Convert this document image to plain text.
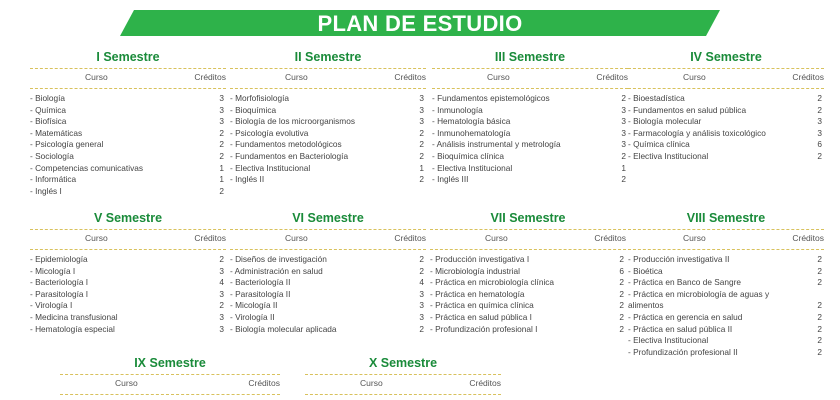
PLAN DE ESTUDIO
I Semestre
Curso	Créditos
- Biología	3
- Química	3
- Biofísica	3
- Matemáticas	2
- Psicología general	2
- Sociología	2
- Competencias comunicativas	1
- Informática	1
- Inglés I	2
II Semestre
Curso	Créditos
- Morfofisiología	3
- Bioquímica	3
- Biología de los microorganismos	3
- Psicología evolutiva	2
- Fundamentos metodológicos	2
- Fundamentos en Bacteriología	2
- Electiva Institucional	1
- Inglés II	2
III Semestre
Curso	Créditos
- Fundamentos epistemológicos	2
- Inmunología	3
- Hematología básica	3
- Inmunohematología	3
- Análisis instrumental y metrología	3
- Bioquímica clínica	2
- Electiva Institucional	1
- Inglés III	2
IV Semestre
Curso	Créditos
- Bioestadística	2
- Fundamentos en salud pública	2
- Biología molecular	3
- Farmacología y análisis toxicológico	3
- Química clínica	6
- Electiva Institucional	2
V Semestre
Curso	Créditos
- Epidemiología	2
- Micología I	3
- Bacteriología I	4
- Parasitología I	3
- Virología I	2
- Medicina transfusional	3
- Hematología especial	3
VI Semestre
Curso	Créditos
- Diseños de investigación	2
- Administración en salud	2
- Bacteriología II	4
- Parasitología II	3
- Micología II	3
- Virología II	3
- Biología molecular aplicada	2
VII Semestre
Curso	Créditos
- Producción investigativa I	2
- Microbiología industrial	6
- Práctica en microbiología clínica	2
- Práctica en hematología	2
- Práctica en química clínica	2
- Práctica en salud pública I	2
- Profundización profesional I	2
VIII Semestre
Curso	Créditos
- Producción investigativa II	2
- Bioética	2
- Práctica en Banco de Sangre	2
- Práctica en microbiología de aguas y alimentos	2
- Práctica en gerencia en salud	2
- Práctica en salud pública II	2
- Electiva Institucional	2
- Profundización profesional II	2
IX Semestre
Curso	Créditos
X Semestre
Curso	Créditos
